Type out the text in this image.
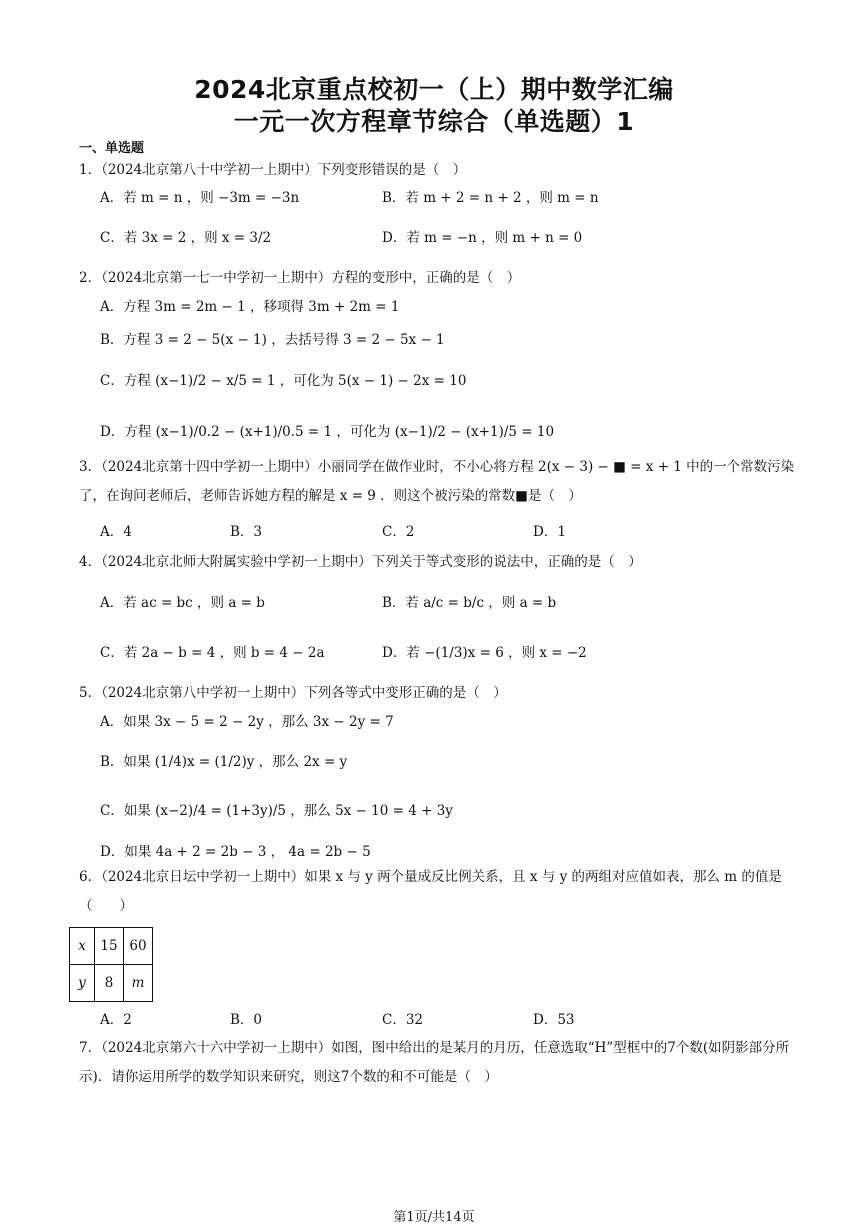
2024北京重点校初一（上）期中数学汇编
一元一次方程章节综合（单选题）1
一、单选题
1．（2024北京第八十中学初一上期中）下列变形错误的是（　）
A．若 m = n ，则 −3m = −3n	B．若 m + 2 = n + 2 ，则 m = n
C．若 3x = 2 ，则 x = 3/2	D．若 m = −n ，则 m + n = 0
2．（2024北京第一七一中学初一上期中）方程的变形中，正确的是（　）
A．方程 3m = 2m − 1 ，移项得 3m + 2m = 1
B．方程 3 = 2 − 5(x − 1) ，去括号得 3 = 2 − 5x − 1
C．方程 (x−1)/2 − x/5 = 1 ，可化为 5(x − 1) − 2x = 10
D．方程 (x−1)/0.2 − (x+1)/0.5 = 1 ，可化为 (x−1)/2 − (x+1)/5 = 10
3．（2024北京第十四中学初一上期中）小丽同学在做作业时，不小心将方程 2(x − 3) − ■ = x + 1 中的一个常数污染了，在询问老师后，老师告诉她方程的解是 x = 9 ．则这个被污染的常数■是（　）
A．4	B．3	C．2	D．1
4．（2024北京北师大附属实验中学初一上期中）下列关于等式变形的说法中，正确的是（　）
A．若 ac = bc ，则 a = b	B．若 a/c = b/c ，则 a = b
C．若 2a − b = 4 ，则 b = 4 − 2a	D．若 −(1/3)x = 6 ，则 x = −2
5．（2024北京第八中学初一上期中）下列各等式中变形正确的是（　）
A．如果 3x − 5 = 2 − 2y ，那么 3x − 2y = 7
B．如果 (1/4)x = (1/2)y ，那么 2x = y
C．如果 (x−2)/4 = (1+3y)/5 ，那么 5x − 10 = 4 + 3y
D．如果 4a + 2 = 2b − 3 ， 4a = 2b − 5
6．（2024北京日坛中学初一上期中）如果 x 与 y 两个量成反比例关系，且 x 与 y 的两组对应值如表，那么 m 的值是（　　）
x	15	60
y	8	m
A．2	B．0	C．32	D．53
7．（2024北京第六十六中学初一上期中）如图，图中给出的是某月的月历，任意选取“H”型框中的7个数(如阴影部分所示)．请你运用所学的数学知识来研究，则这7个数的和不可能是（　）
第1页/共14页
